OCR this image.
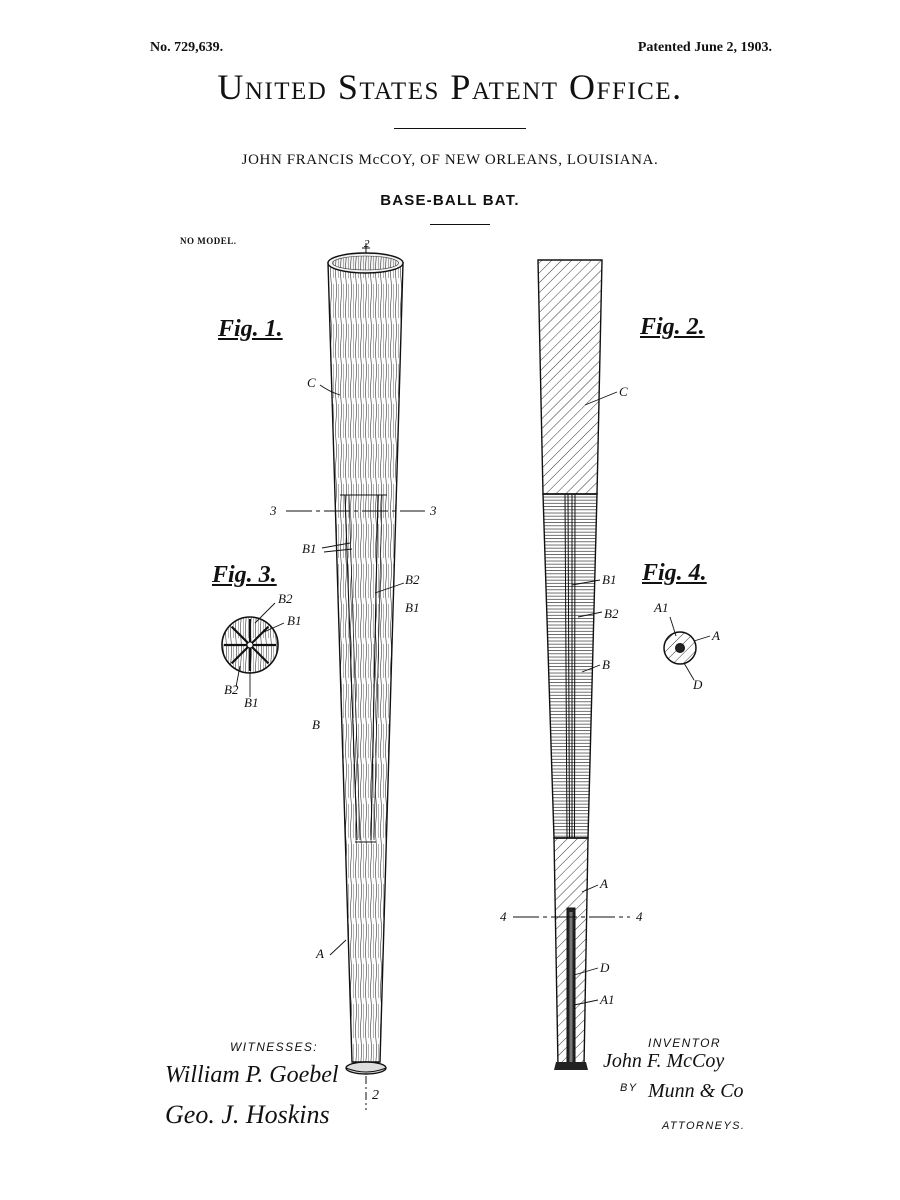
No. 729,639.	Patented June 2, 1903.
United States Patent Office.
JOHN FRANCIS McCOY, OF NEW ORLEANS, LOUISIANA.
BASE-BALL BAT.
NO MODEL.
Fig. 1.	Fig. 2.
Fig. 3.	Fig. 4.
C
3	3
B1
B2
B1
B
A
2
2
B2
B1
B2
B1
C
B1
B2
B
A
4	4
D
A1
A1
A
D
WITNESSES:
William P. Goebel
Geo. J. Hoskins
INVENTOR
John F. McCoy
BY Munn & Co
ATTORNEYS.
